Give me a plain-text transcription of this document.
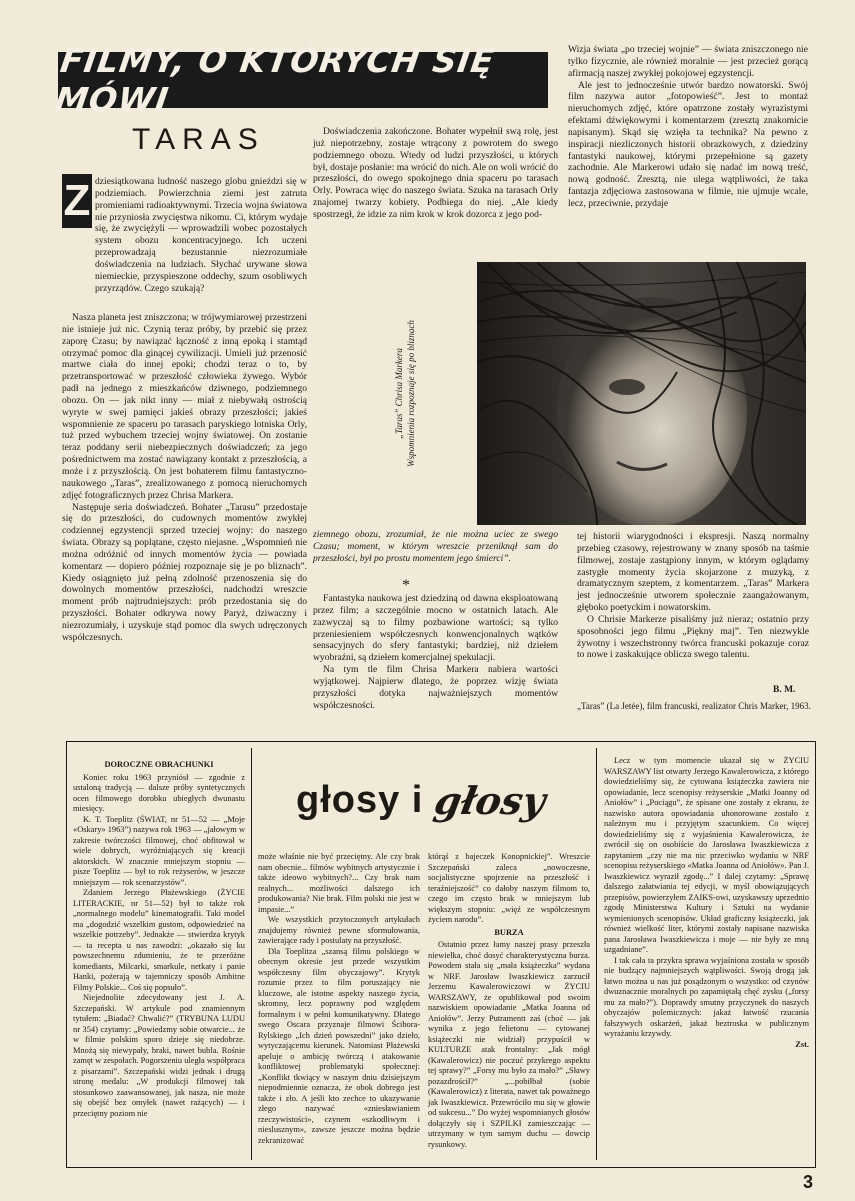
FILMY, O KTÓRYCH SIĘ MÓWI
TARAS
Z dziesiątkowana ludność naszego globu gnieździ się w podziemiach. Powierzchnia ziemi jest zatruta promieniami radioaktywnymi. Trzecia wojna światowa nie przyniosła zwycięstwa nikomu. Ci, którym wydaje się, że zwyciężyli — wprowadzili wobec pozostałych system obozu koncentracyjnego. Ich uczeni przeprowadzają bezustannie niezrozumiałe doświadczenia na ludziach. Słychać urywane słowa niemieckie, przyspieszone oddechy, szum osobliwych przyrządów. Czego szukają?

Nasza planeta jest zniszczona; w trójwymiarowej przestrzeni nie istnieje już nic. Czynią teraz próby, by przebić się przez zaporę Czasu; by nawiązać łączność z inną epoką i stamtąd otrzymać pomoc dla ginącej cywilizacji. Umieli już przenosić martwe ciała do innej epoki; chodzi teraz o to, by przetransportować w przeszłość człowieka żywego. Wybór padł na jednego z mieszkańców dziwnego, podziemnego obozu. On — jak nikt inny — miał z niebywałą ostrością wyryte w swej pamięci jakieś obrazy przeszłości; jakieś wspomnienie ze spaceru po tarasach paryskiego lotniska Orly, tuż przed wybuchem trzeciej wojny światowej. On zostanie teraz poddany serii niebezpiecznych doświadczeń; za jego pośrednictwem ma zostać nawiązany kontakt z przeszłością, a może i z przyszłością. On jest bohaterem filmu fantastyczno-naukowego „Taras”, zrealizowanego z pomocą nieruchomych zdjęć fotograficznych przez Chrisa Markera.

Następuje seria doświadczeń. Bohater „Tarasu” przedostaje się do przeszłości, do cudownych momentów zwykłej codziennej egzystencji sprzed trzeciej wojny: do naszego świata. Obrazy są poplątane, często niejasne. „Wspomnień nie można odróżnić od innych momentów życia — powiada komentarz — dopiero później rozpoznaje się je po bliznach”. Kiedy osiągnięto już pełną zdolność przenoszenia się do dowolnych momentów przeszłości, nadchodzi wreszcie moment prób najtrudniejszych: prób przedostania się do przyszłości. Bohater odkrywa nowy Paryż, dziwaczny i niezrozumiały, i uzyskuje stąd pomoc dla swych udręczonych współczesnych.

Doświadczenia zakończone. Bohater wypełnił swą rolę, jest już niepotrzebny, zostaje wtrącony z powrotem do swego podziemnego obozu. Wtedy od ludzi przyszłości, u których był, dostaje posłanie: ma wrócić do nich. Ale on woli wrócić do przeszłości, do owego spokojnego dnia spaceru po tarasach Orly. Powraca więc do naszego świata. Szuka na tarasach Orly znajomej twarzy kobiety. Podbiega do niej. „Ale kiedy spostrzegł, że idzie za nim krok w krok dozorca z jego pod-

Wizja świata „po trzeciej wojnie” — świata zniszczonego nie tylko fizycznie, ale również moralnie — jest przecież gorącą afirmacją naszej zwykłej pokojowej egzystencji.

Ale jest to jednocześnie utwór bardzo nowatorski. Swój film nazywa autor „fotopowieść”. Jest to montaż nieruchomych zdjęć, które opatrzone zostały wyrazistymi efektami dźwiękowymi i komentarzem (zresztą znakomicie napisanym). Skąd się wzięła ta technika? Na pewno z inspiracji niezliczonych historii obrazkowych, z dziedziny fantastyki naukowej, którymi przepełnione są gazety zachodnie. Ale Markerowi udało się nadać im nową treść, nową godność. Zresztą, nie ulega wątpliwości, że taka fantazja zdjęciowa zastosowana w filmie, nie ujmuje wcale, lecz, przeciwnie, przydaje

„Taras” Chrisa Markera
Wspomnienia rozpoznaje się po bliznach

ziemnego obozu, zrozumiał, że nie można uciec ze swego Czasu; moment, w którym wreszcie przeniknął sam do przeszłości, był po prostu momentem jego śmierci”.

*

Fantastyka naukowa jest dziedziną od dawna eksploatowaną przez film; a szczególnie mocno w ostatnich latach. Ale zazwyczaj są to filmy pozbawione wartości; są tylko przeniesieniem współczesnych konwencjonalnych wątków sensacyjnych do sfery fantastyki; bardziej, niż dziełem wyobraźni, są dziełem komercjalnej spekulacji.

Na tym tle film Chrisa Markera nabiera wartości wyjątkowej. Najpierw dlatego, że poprzez wizję świata przyszłości dotyka najważniejszych momentów współczesności.

tej historii wiarygodności i ekspresji. Naszą normalny przebieg czasowy, rejestrowany w znany sposób na taśmie filmowej, zostaje zastąpiony innym, w którym oglądamy zastygłe momenty życia skojarzone z muzyką, z dramatycznym szeptem, z komentarzem. „Taras” Markera jest jednocześnie utworem społecznie zaangażowanym, głęboko poetyckim i nowatorskim.

O Chrisie Markerze pisaliśmy już nieraz; ostatnio przy sposobności jego filmu „Piękny maj”. Ten niezwykle żywotny i wszechstronny twórca francuski pokazuje coraz to nowe i zaskakujące oblicza swego talentu.

B. M.
„Taras” (La Jetée), film francuski, realizator Chris Marker, 1963.

DOROCZNE OBRACHUNKI

Koniec roku 1963 przyniósł — zgodnie z ustaloną tradycją — dalsze próby syntetycznych ocen filmowego dorobku ubiegłych dwunastu miesięcy.

K. T. Toeplitz (ŚWIAT, nr 51—52 — „Moje «Oskary» 1963”) nazywa rok 1963 — „jałowym w zakresie twórczości filmowej, choć obfitował w wiele dobrych, wyróżniających się kreacji aktorskich. W znacznie mniejszym stopniu — pisze Toeplitz — był to rok reżyserów, w jeszcze mniejszym — rok scenarzystów”.

Zdaniem Jerzego Płażewskiego (ŻYCIE LITERACKIE, nr 51—52) był to także rok „normalnego modelu” kinematografii. Taki model ma „dogodzić wszelkim gustom, odpowiedzieć na wszelkie potrzeby”. Jednakże — stwierdza krytyk — ta recepta u nas zawodzi: „okazało się ku powszechnemu zdumieniu, że te przeróżne komediants, Milcarki, smarkule, netkaty i panie Hanki, pożerają w tajemniczy sposób Ambitne Filmy Polskie... Coś się popsuło”.

Niejednolite zdecydowany jest J. A. Szczepański. W artykule pod znamiennym tytułem: „Biadać? Chwalić?” (TRYBUNA LUDU nr 354) czytamy: „Powiedzmy sobie otwarcie... że w filmie polskim sporo dzieje się niedobrze. Mnożą się niewypały, braki, nawet bubla. Rośnie zamęt w zespołach. Pogorszeniu uległa współpraca z pisarzami”. Szczepański widzi jednak i drugą stronę medalu: „W produkcji filmowej tak stosunkowo zaawansowanej, jak nasza, nie może się obejść bez omyłek (nawet rażących) — i przeciętny poziom nie

głosy i głosy

może właśnie nie być przeciętny. Ale czy brak nam obecnie... filmów wybitnych artystycznie i także ideowo wybitnych?... Czy brak nam realnych... możliwości dalszego ich produkowania? Nie brak. Film polski nie jest w impasie...”

We wszystkich przytoczonych artykułach znajdujemy również pewne sformułowania, zawierające rady i postulaty na przyszłość.

Dla Toeplitza „szansą filmu polskiego w obecnym okresie jest przede wszystkim współczesny film obyczajowy”. Krytyk rozumie przez to film poruszający nie kluczowe, ale istotne aspekty naszego życia, skromny, lecz poprawny pod względem formalnym i w pełni komunikatywny. Dlatego swego Oscara przyznaje filmowi Ścibora-Rylskiego „Ich dzień powszedni” jako dzieło, wytyczającemu kierunek. Natomiast Płażewski apeluje o ambicję twórczą i atakowanie konfliktowej problematyki społecznej: „Konflikt tkwiący w naszym dniu dzisiejszym niepodmiennie oznacza, że obok dobrego jest także i zło. A jeśli kto zechce to ukazywanie złego nazywać «zniesławianiem rzeczywistości», czynem «szkodliwym i nieslusznym», zawsze jeszcze można będzie zekranizować

którąś z bajeczek Konopnickiej”. Wreszcie Szczepański zaleca „nowoczesne, socjalistyczne spojrzenie na przeszłość i teraźniejszość” co dałoby naszym filmom to, czego im często brak w mniejszym lub większym stopniu: „więź ze współczesnym życiem narodu”.

BURZA

Ostatnio przez łamy naszej prasy przeszła niewielka, choć dosyć charakterystyczna burza. Powodem stała się „mała książeczka” wydana w NRF. Jarosław Iwaszkiewicz zarzucił Jerzemu Kawalerowiczowi w ŻYCIU WARSZAWY, że opublikował pod swoim nazwiskiem opowiadanie „Matka Joanna od Aniołów”. Jerzy Putramentt zaś (choć — jak wynika z jego felietonu — cytowanej książeczki nie widział) przypuścił w KULTURZE atak frontalny: „Jak mógł (Kawalerowicz) nie poczuć przykrego aspektu tej sprawy?” „Forsy mu było za mało?” „Sławy pozazdrościł?” „...pobiłbał (sobie (Kawalerowicz) z literata, nawet tak poważnego jak Iwaszkiewicz. Przewróciło mu się w głowie od sukcesu...” Do wyżej wspomnianych głosów dołączyły się i SZPILKI zamieszczając — utrzymany w tym samym duchu — dowcip rysunkowy.

Lecz w tym momencie ukazał się w ŻYCIU WARSZAWY list otwarty Jerzego Kawalerowicza, z którego dowiedzieliśmy się, że cytowana książeczka zawiera nie opowiadanie, lecz scenopisy reżyserskie „Matki Joanny od Aniołów” i „Pociągu”, że spisane one zostały z ekranu, że nazwisko autora opowiadania uhonorowane zostało z należnym mu i przyjętym szacunkiem. Co więcej dowiedzieliśmy się z wyjaśnienia Kawalerowicza, że zwrócił się on osobiście do Jarosława Iwaszkiewicza z zapytaniem „czy nie ma nic przeciwko wydaniu w NRF scenopisu reżyserskiego «Matka Joanna od Aniołów». Pan J. Iwaszkiewicz wyraził zgodę...” I dalej czytamy: „Sprawę dalszego załatwiania tej edycji, w myśl obowiązujących przepisów, powierzyłem ZAIKS-owi, uzyskawszy uprzednio zgodę Ministerstwa Kultury i Sztuki na wydanie wymienionych scenopisów. Układ graficzny książeczki, jak również wielkość liter, którymi zostały napisane nazwiska pana Jarosława Iwaszkiewicza i moje — nie były ze mną uzgadniane”.

I tak cała ta przykra sprawa wyjaśniona została w sposób nie budzący najmniejszych wątpliwości. Swoją drogą jak łatwo można u nas już posądzonym o wszystko: od czynów dwuznacznie moralnych po zapamiętałą chęć zysku („forsy mu za mało?”). Doprawdy smutny przyczynek do naszych obyczajów polemicznych: jakaż łatwość rzucania fałszywych oskarżeń, jakaż beztroska w publicznym wyrażaniu krzywdy.

Zst.

3
